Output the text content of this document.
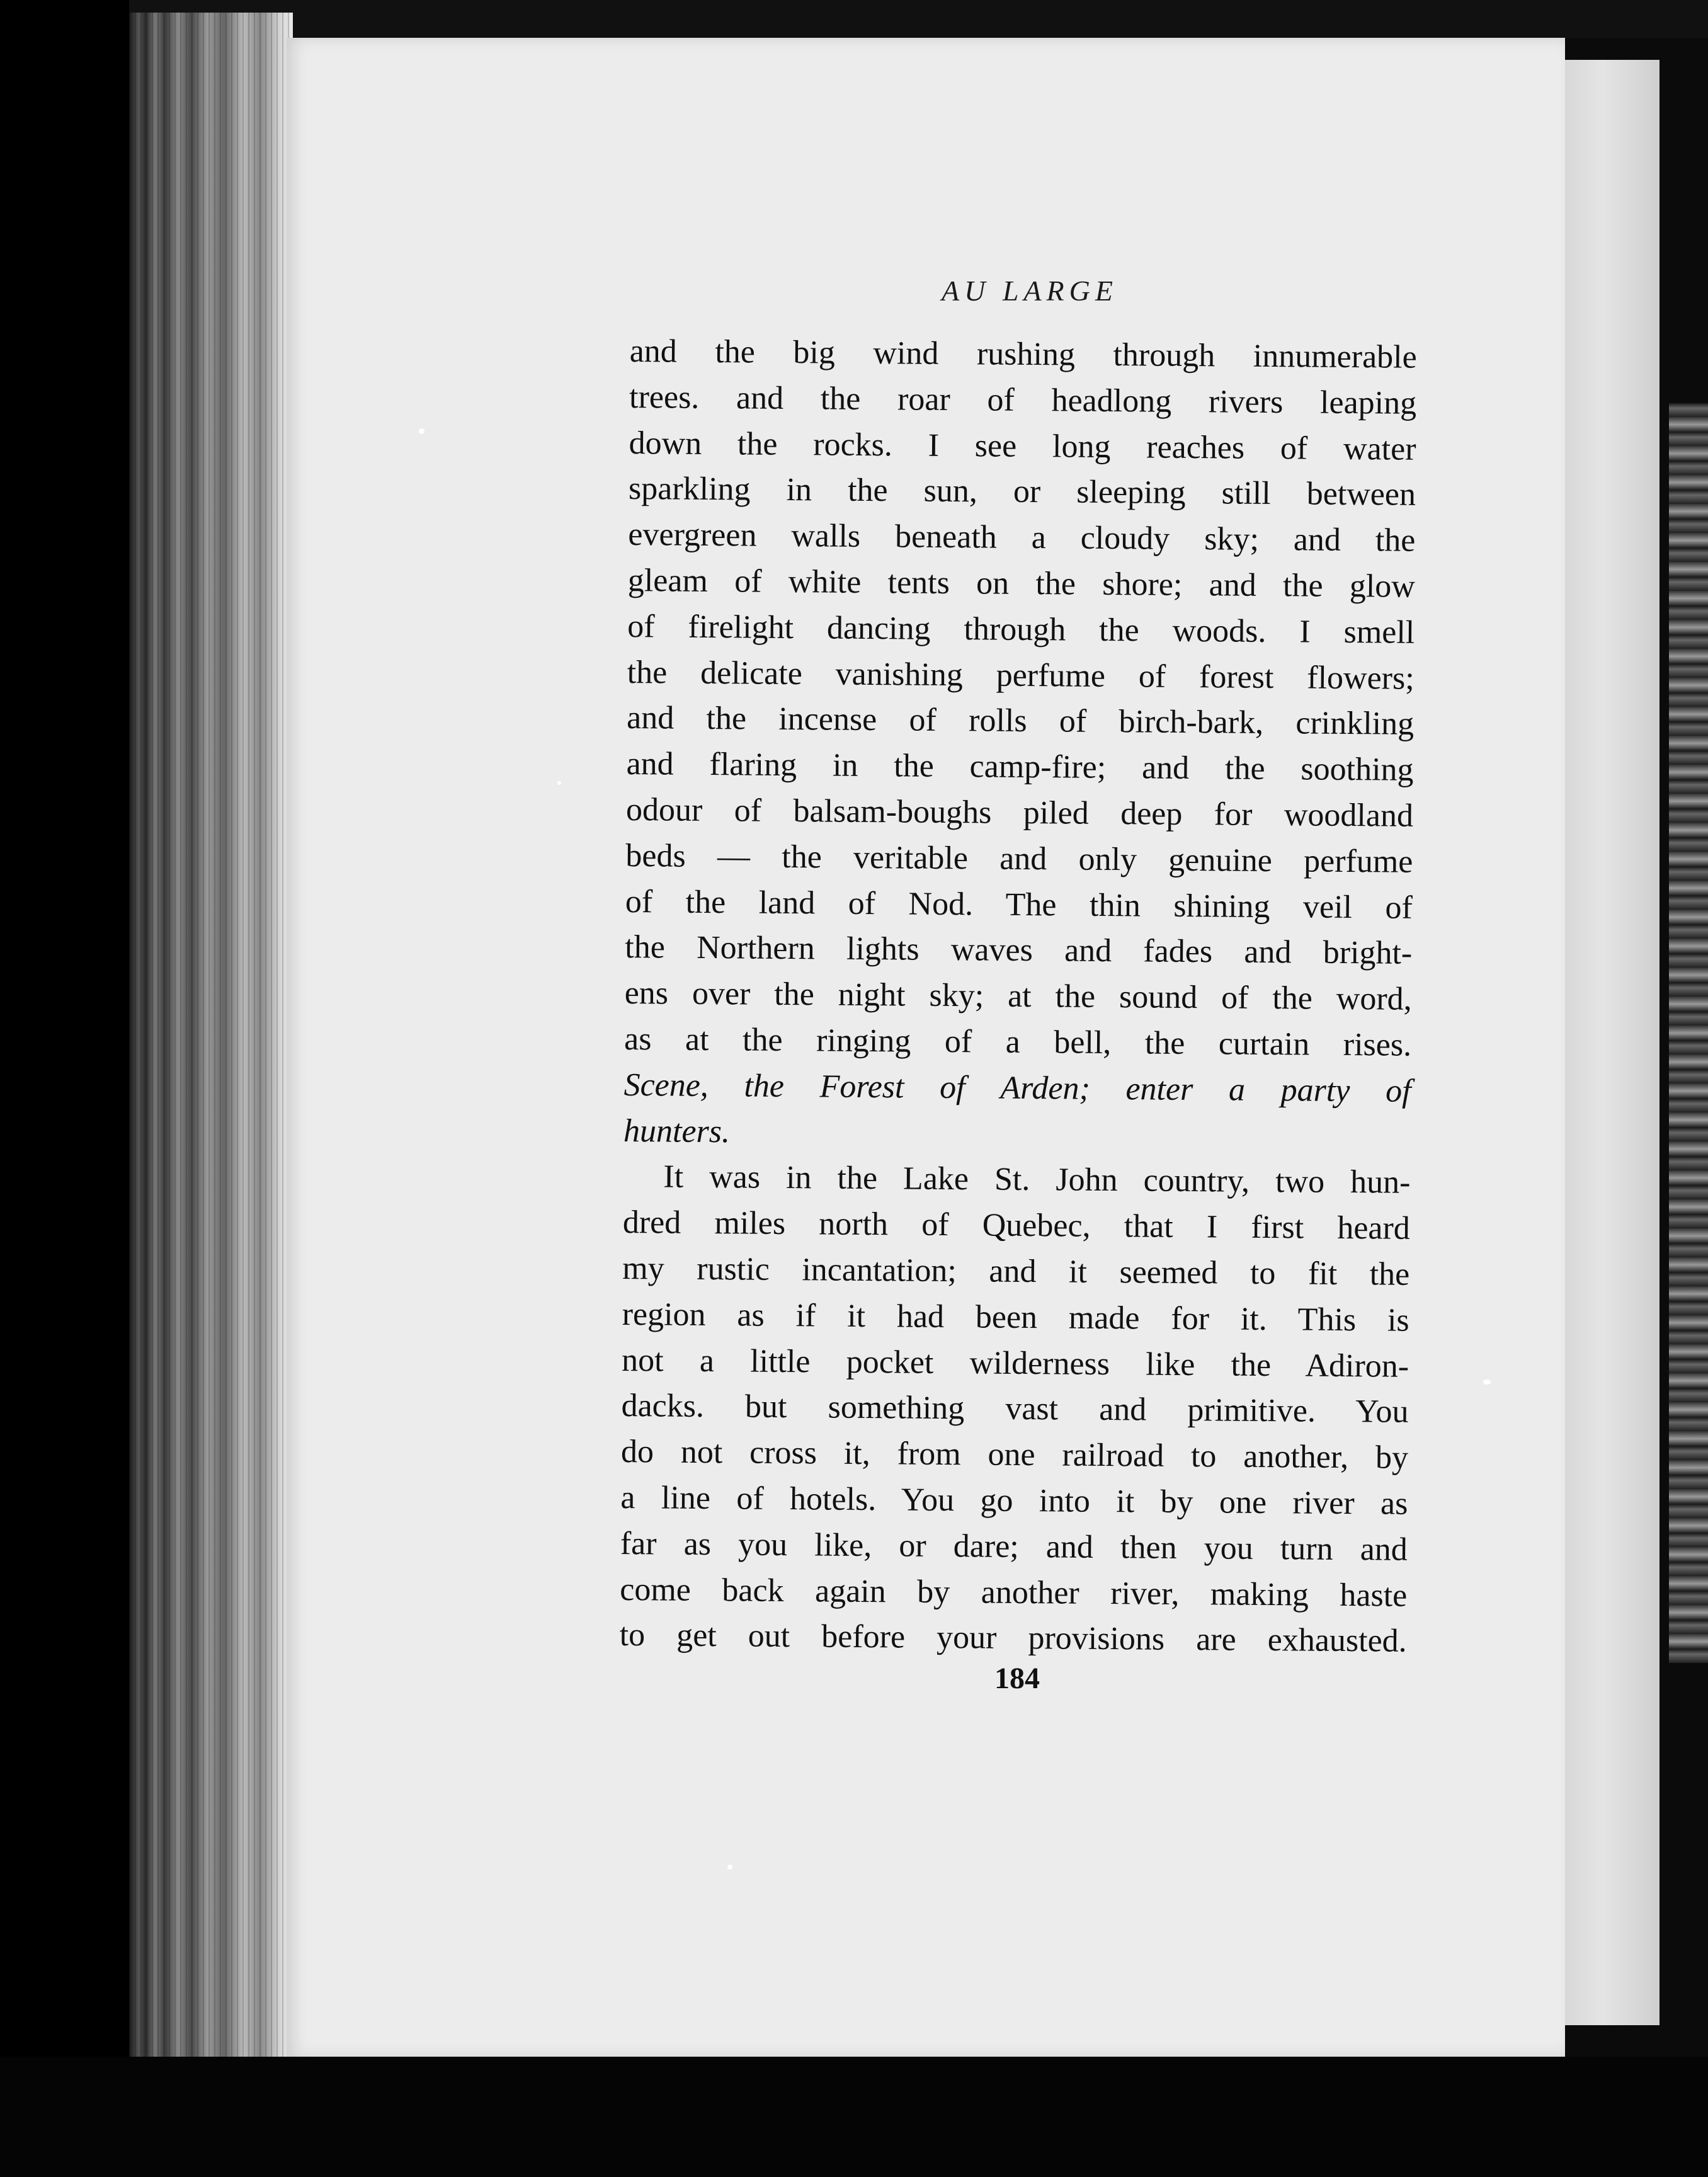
AU LARGE
and the big wind rushing through innumerable
trees. and the roar of headlong rivers leaping
down the rocks. I see long reaches of water
sparkling in the sun, or sleeping still between
evergreen walls beneath a cloudy sky; and the
gleam of white tents on the shore; and the glow
of firelight dancing through the woods. I smell
the delicate vanishing perfume of forest flowers;
and the incense of rolls of birch-bark, crinkling
and flaring in the camp-fire; and the soothing
odour of balsam-boughs piled deep for woodland
beds — the veritable and only genuine perfume
of the land of Nod. The thin shining veil of
the Northern lights waves and fades and bright-
ens over the night sky; at the sound of the word,
as at the ringing of a bell, the curtain rises.
Scene, the Forest of Arden; enter a party of
hunters.
It was in the Lake St. John country, two hun-
dred miles north of Quebec, that I first heard
my rustic incantation; and it seemed to fit the
region as if it had been made for it. This is
not a little pocket wilderness like the Adiron-
dacks. but something vast and primitive. You
do not cross it, from one railroad to another, by
a line of hotels. You go into it by one river as
far as you like, or dare; and then you turn and
come back again by another river, making haste
to get out before your provisions are exhausted.
184
